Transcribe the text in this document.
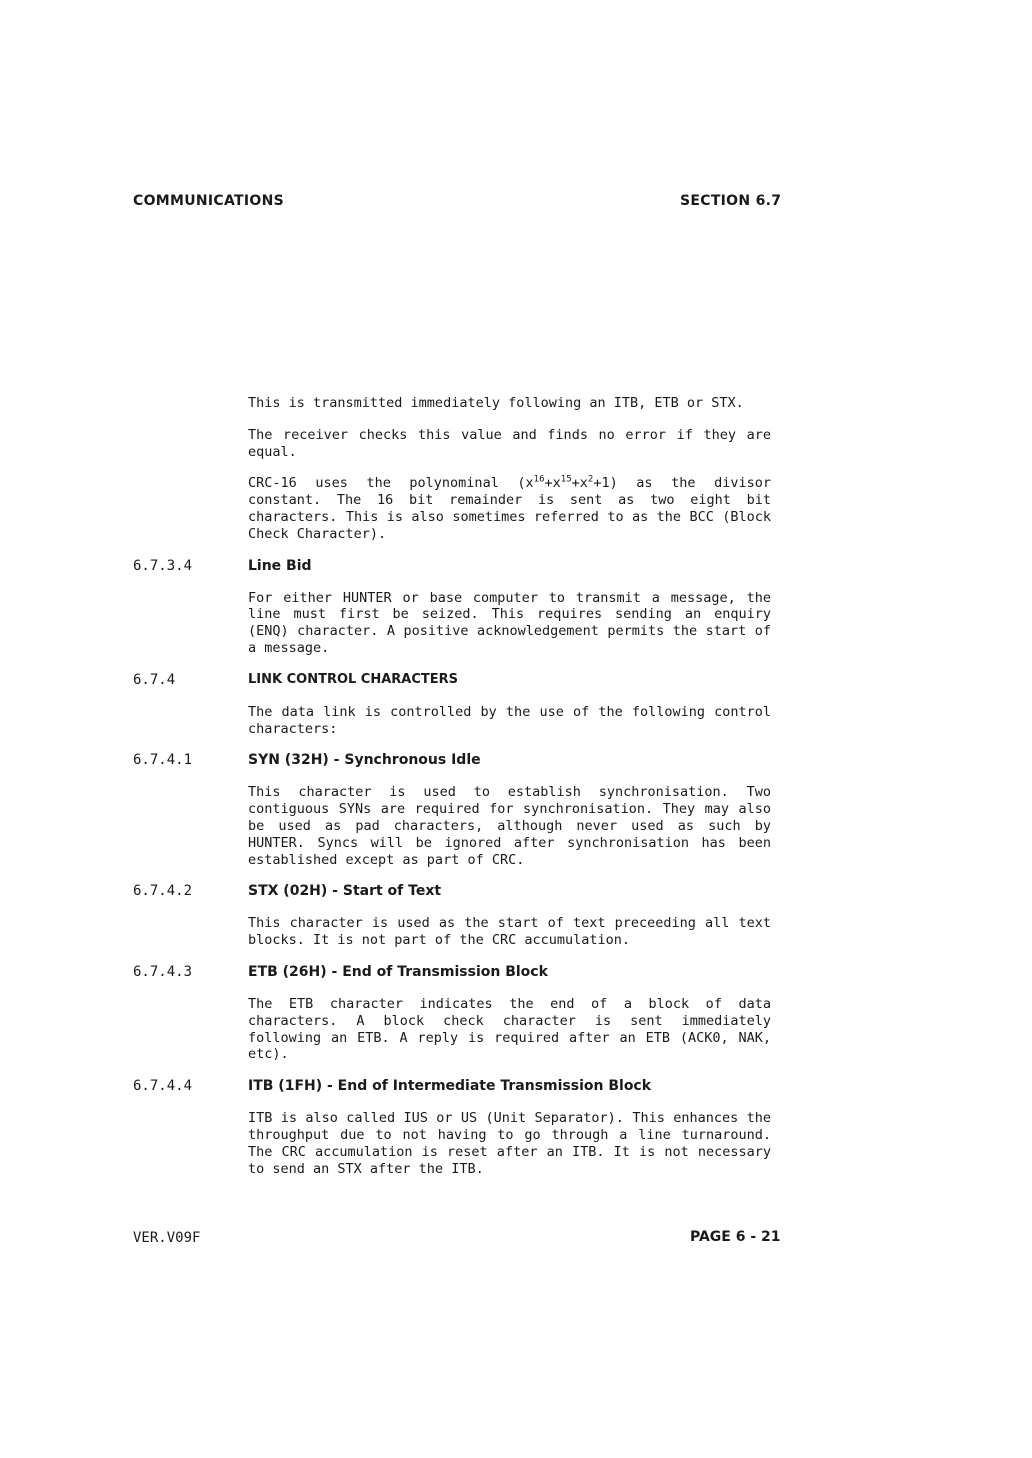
COMMUNICATIONS	SECTION 6.7
This is transmitted immediately following an ITB, ETB or STX.
The receiver checks this value and finds no error if they are equal.
CRC-16 uses the polynominal $(x^{16}+x^{15}+x^2+1)$ as the divisor constant. The 16 bit remainder is sent as two eight bit characters. This is also sometimes referred to as the BCC (Block Check Character).
6.7.3.4	Line Bid
For either HUNTER or base computer to transmit a message, the line must first be seized. This requires sending an enquiry (ENQ) character. A positive acknowledgement permits the start of a message.
6.7.4	LINK CONTROL CHARACTERS
The data link is controlled by the use of the following control characters:
6.7.4.1	SYN (32H) - Synchronous Idle
This character is used to establish synchronisation. Two contiguous SYNs are required for synchronisation. They may also be used as pad characters, although never used as such by HUNTER. Syncs will be ignored after synchronisation has been established except as part of CRC.
6.7.4.2	STX (02H) - Start of Text
This character is used as the start of text preceeding all text blocks. It is not part of the CRC accumulation.
6.7.4.3	ETB (26H) - End of Transmission Block
The ETB character indicates the end of a block of data characters. A block check character is sent immediately following an ETB. A reply is required after an ETB (ACK0, NAK, etc).
6.7.4.4	ITB (1FH) - End of Intermediate Transmission Block
ITB is also called IUS or US (Unit Separator). This enhances the throughput due to not having to go through a line turnaround. The CRC accumulation is reset after an ITB. It is not necessary to send an STX after the ITB.
VER.V09F	PAGE 6 - 21
